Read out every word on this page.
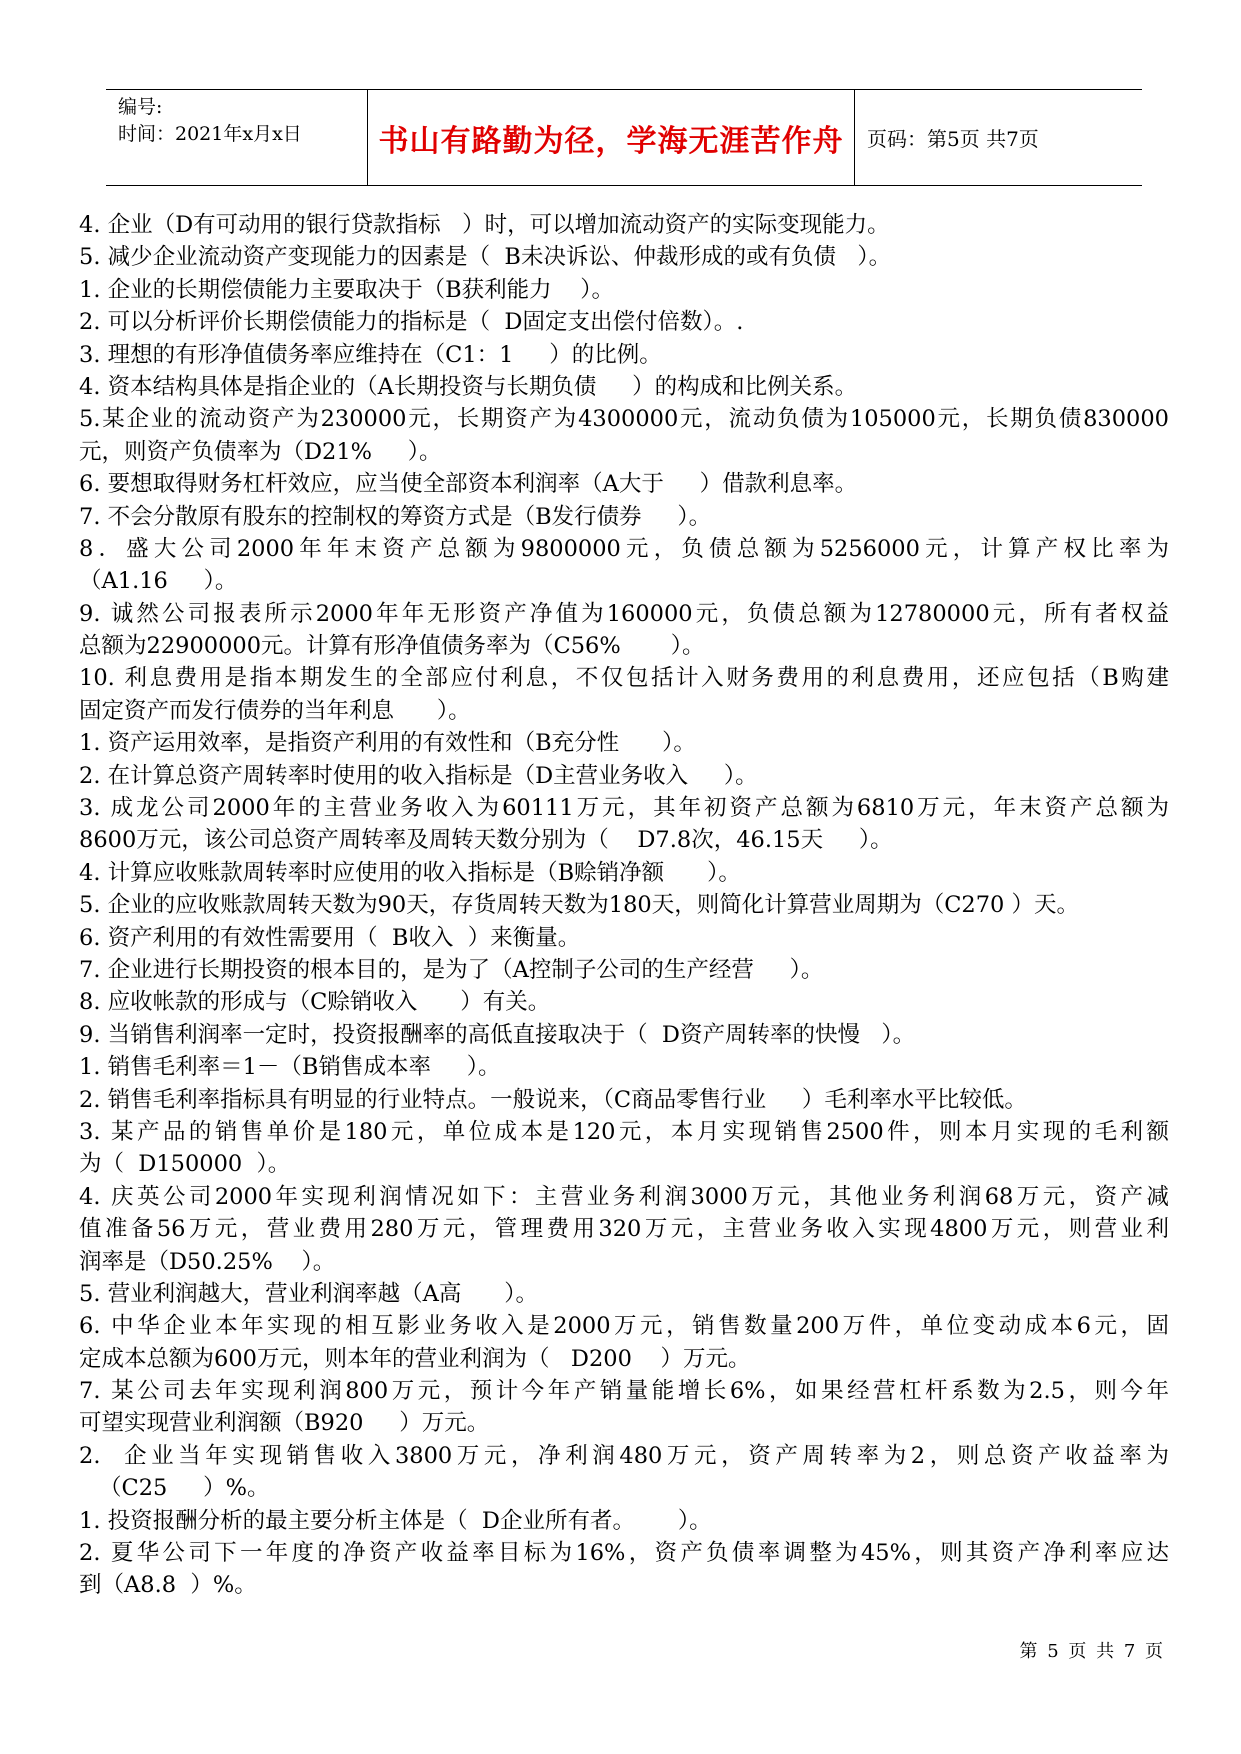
编号:
时间：2021年x月x日	书山有路勤为径，学海无涯苦作舟	页码：第5页 共7页
4. 企业（D有可动用的银行贷款指标   ）时，可以增加流动资产的实际变现能力。
5. 减少企业流动资产变现能力的因素是（  B未决诉讼、仲裁形成的或有负债   ）。
1. 企业的长期偿债能力主要取决于（B获利能力    ）。
2. 可以分析评价长期偿债能力的指标是（  D固定支出偿付倍数）。.
3. 理想的有形净值债务率应维持在（C1：1     ）的比例。
4. 资本结构具体是指企业的（A长期投资与长期负债     ）的构成和比例关系。
5.某企业的流动资产为230000元，长期资产为4300000元，流动负债为105000元，长期负债830000
元，则资产负债率为（D21%     ）。
6. 要想取得财务杠杆效应，应当使全部资本利润率（A大于     ）借款利息率。
7. 不会分散原有股东的控制权的筹资方式是（B发行债券     ）。
8．盛大公司2000年年末资产总额为9800000元，负债总额为5256000元，计算产权比率为
（A1.16     ）。
9. 诚然公司报表所示2000年年无形资产净值为160000元，负债总额为12780000元，所有者权益
总额为22900000元。计算有形净值债务率为（C56%       ）。
10. 利息费用是指本期发生的全部应付利息，不仅包括计入财务费用的利息费用，还应包括（B购建
固定资产而发行债券的当年利息      ）。
1. 资产运用效率，是指资产利用的有效性和（B充分性      ）。
2. 在计算总资产周转率时使用的收入指标是（D主营业务收入     ）。
3. 成龙公司2000年的主营业务收入为60111万元，其年初资产总额为6810万元，年末资产总额为
8600万元，该公司总资产周转率及周转天数分别为（    D7.8次，46.15天     ）。
4. 计算应收账款周转率时应使用的收入指标是（B赊销净额      ）。
5. 企业的应收账款周转天数为90天，存货周转天数为180天，则简化计算营业周期为（C270 ）天。
6. 资产利用的有效性需要用（  B收入  ）来衡量。
7. 企业进行长期投资的根本目的，是为了（A控制子公司的生产经营     ）。
8. 应收帐款的形成与（C赊销收入      ）有关。
9. 当销售利润率一定时，投资报酬率的高低直接取决于（  D资产周转率的快慢   ）。
1. 销售毛利率＝1－（B销售成本率     ）。
2. 销售毛利率指标具有明显的行业特点。一般说来，（C商品零售行业     ）毛利率水平比较低。
3. 某产品的销售单价是180元，单位成本是120元，本月实现销售2500件，则本月实现的毛利额
为（  D150000  ）。
4. 庆英公司2000年实现利润情况如下：主营业务利润3000万元，其他业务利润68万元，资产减
值准备56万元，营业费用280万元，管理费用320万元，主营业务收入实现4800万元，则营业利
润率是（D50.25%    ）。
5. 营业利润越大，营业利润率越（A高      ）。
6. 中华企业本年实现的相互影业务收入是2000万元，销售数量200万件，单位变动成本6元，固
定成本总额为600万元，则本年的营业利润为（   D200    ）万元。
7. 某公司去年实现利润800万元，预计今年产销量能增长6%，如果经营杠杆系数为2.5，则今年
可望实现营业利润额（B920     ）万元。
2.  企业当年实现销售收入3800万元，净利润480万元，资产周转率为2，则总资产收益率为
（C25     ）%。
1. 投资报酬分析的最主要分析主体是（  D企业所有者。      ）。
2. 夏华公司下一年度的净资产收益率目标为16%，资产负债率调整为45%，则其资产净利率应达
到（A8.8  ）%。
第 5 页 共 7 页
